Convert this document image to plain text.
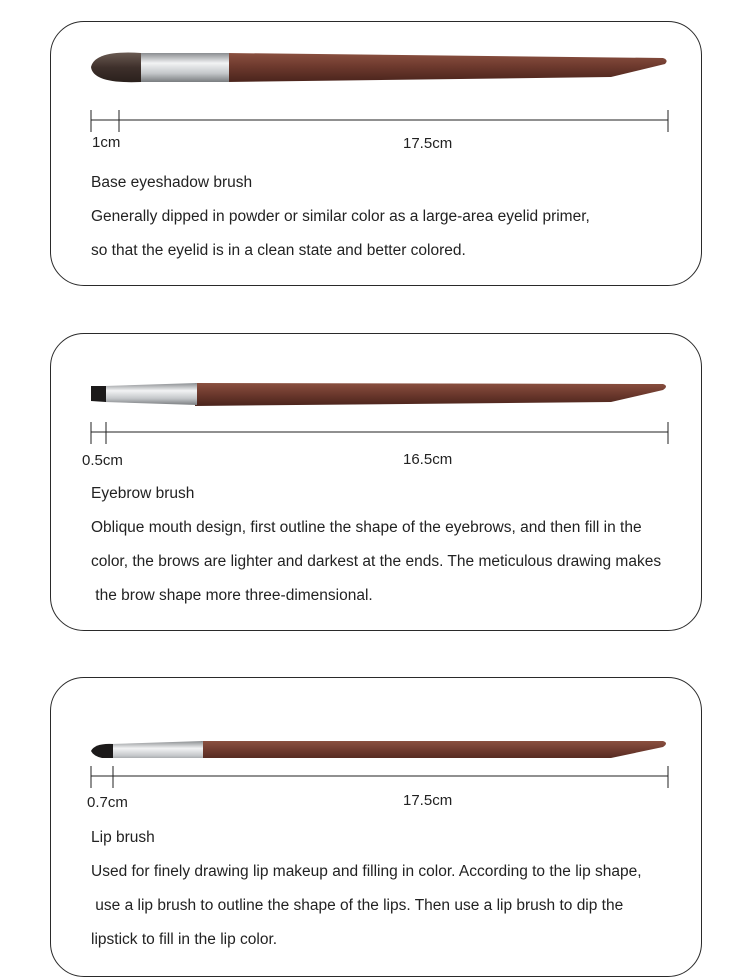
1cm	17.5cm
Base eyeshadow brush
Generally dipped in powder or similar color as a large-area eyelid primer,
so that the eyelid is in a clean state and better colored.
0.5cm	16.5cm
Eyebrow brush
Oblique mouth design, first outline the shape of the eyebrows, and then fill in the
color, the brows are lighter and darkest at the ends. The meticulous drawing makes
the brow shape more three-dimensional.
0.7cm	17.5cm
Lip brush
Used for finely drawing lip makeup and filling in color. According to the lip shape,
use a lip brush to outline the shape of the lips. Then use a lip brush to dip the
lipstick to fill in the lip color.
